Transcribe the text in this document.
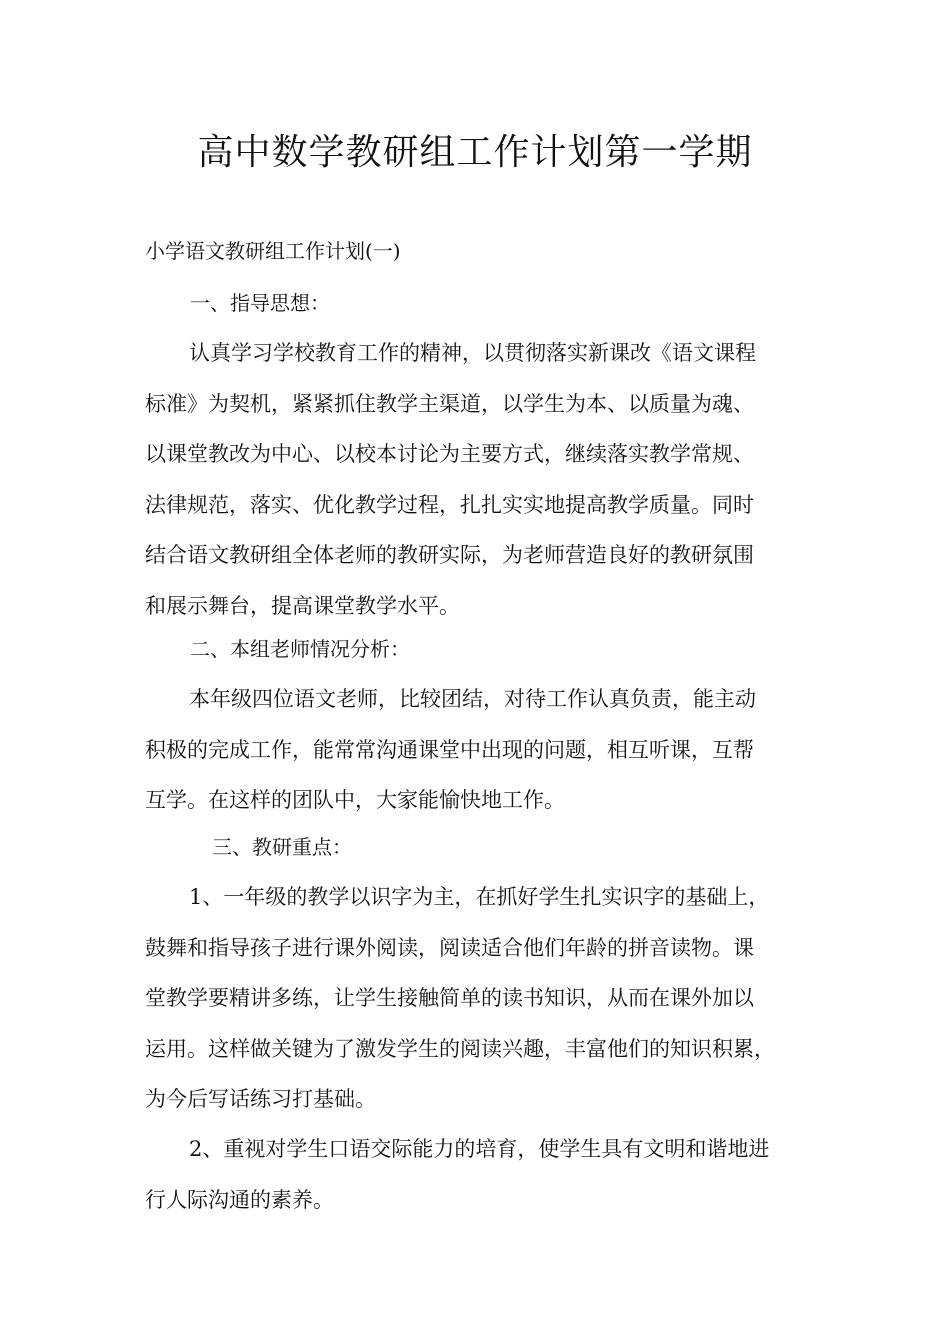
高中数学教研组工作计划第一学期
小学语文教研组工作计划(一)
一、指导思想：
认真学习学校教育工作的精神，以贯彻落实新课改《语文课程
标准》为契机，紧紧抓住教学主渠道，以学生为本、以质量为魂、
以课堂教改为中心、以校本讨论为主要方式，继续落实教学常规、
法律规范，落实、优化教学过程，扎扎实实地提高教学质量。同时
结合语文教研组全体老师的教研实际，为老师营造良好的教研氛围
和展示舞台，提高课堂教学水平。
二、本组老师情况分析：
本年级四位语文老师，比较团结，对待工作认真负责，能主动
积极的完成工作，能常常沟通课堂中出现的问题，相互听课，互帮
互学。在这样的团队中，大家能愉快地工作。
三、教研重点：
1、一年级的教学以识字为主，在抓好学生扎实识字的基础上，
鼓舞和指导孩子进行课外阅读，阅读适合他们年龄的拼音读物。课
堂教学要精讲多练，让学生接触简单的读书知识，从而在课外加以
运用。这样做关键为了激发学生的阅读兴趣，丰富他们的知识积累，
为今后写话练习打基础。
2、重视对学生口语交际能力的培育，使学生具有文明和谐地进
行人际沟通的素养。
